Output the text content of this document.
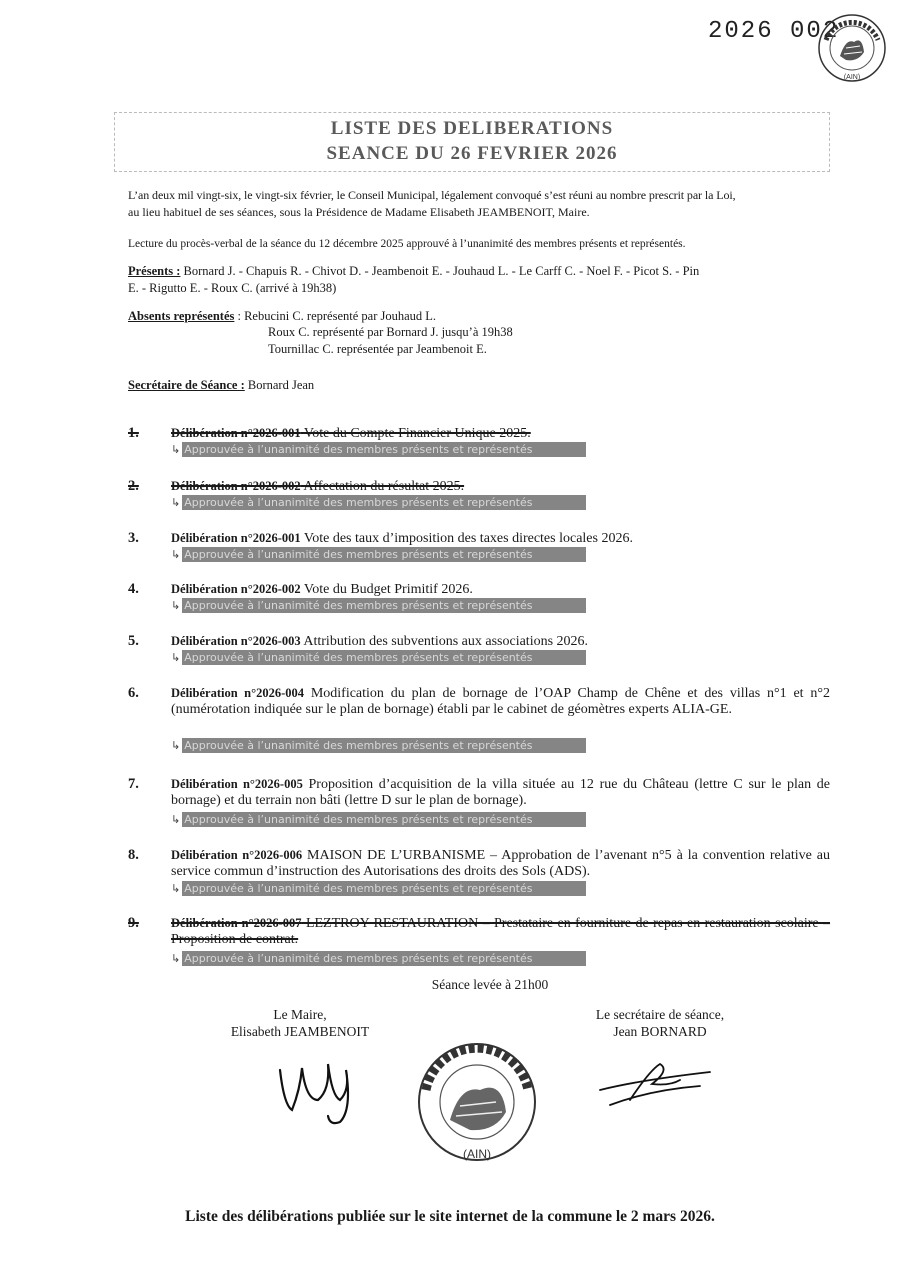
2026 002
(AIN)
LISTE DES DELIBERATIONS
SEANCE DU 26 FEVRIER 2026
L’an deux mil vingt-six, le vingt-six février, le Conseil Municipal, légalement convoqué s’est réuni au nombre prescrit par la Loi,
au lieu habituel de ses séances, sous la Présidence de Madame Elisabeth JEAMBENOIT, Maire.
Lecture du procès-verbal de la séance du 12 décembre 2025 approuvé à l’unanimité des membres présents et représentés.
Présents : Bornard J. - Chapuis R. - Chivot D. - Jeambenoit E. - Jouhaud L. - Le Carff C. - Noel F. - Picot S. - Pin
E. - Rigutto E. - Roux C. (arrivé à 19h38)
Absents représentés : Rebucini C. représenté par Jouhaud L.
Roux C. représenté par Bornard J. jusqu’à 19h38
Tournillac C. représentée par Jeambenoit E.
Secrétaire de Séance : Bornard Jean
1.	Délibération n°2026-001 Vote du Compte Financier Unique 2025.
↳ Approuvée à l’unanimité des membres présents et représentés
2.	Délibération n°2026-002 Affectation du résultat 2025.
↳ Approuvée à l’unanimité des membres présents et représentés
3.	Délibération n°2026-001 Vote des taux d’imposition des taxes directes locales 2026.
↳ Approuvée à l’unanimité des membres présents et représentés
4.	Délibération n°2026-002 Vote du Budget Primitif 2026.
↳ Approuvée à l’unanimité des membres présents et représentés
5.	Délibération n°2026-003 Attribution des subventions aux associations 2026.
↳ Approuvée à l’unanimité des membres présents et représentés
6.	Délibération n°2026-004 Modification du plan de bornage de l’OAP Champ de Chêne et des villas n°1 et n°2 (numérotation indiquée sur le plan de bornage) établi par le cabinet de géomètres experts ALIA-GE.
↳ Approuvée à l’unanimité des membres présents et représentés
7.	Délibération n°2026-005 Proposition d’acquisition de la villa située au 12 rue du Château (lettre C sur le plan de bornage) et du terrain non bâti (lettre D sur le plan de bornage).
↳ Approuvée à l’unanimité des membres présents et représentés
8.	Délibération n°2026-006 MAISON DE L’URBANISME – Approbation de l’avenant n°5 à la convention relative au service commun d’instruction des Autorisations des droits des Sols (ADS).
↳ Approuvée à l’unanimité des membres présents et représentés
9.	Délibération n°2026-007 LEZTROY RESTAURATION – Prestataire en fourniture de repas en restauration scolaire – Proposition de contrat.
↳ Approuvée à l’unanimité des membres présents et représentés
Séance levée à 21h00
Le Maire,
Elisabeth JEAMBENOIT
Le secrétaire de séance,
Jean BORNARD
(AIN)
Liste des délibérations publiée sur le site internet de la commune le 2 mars 2026.
